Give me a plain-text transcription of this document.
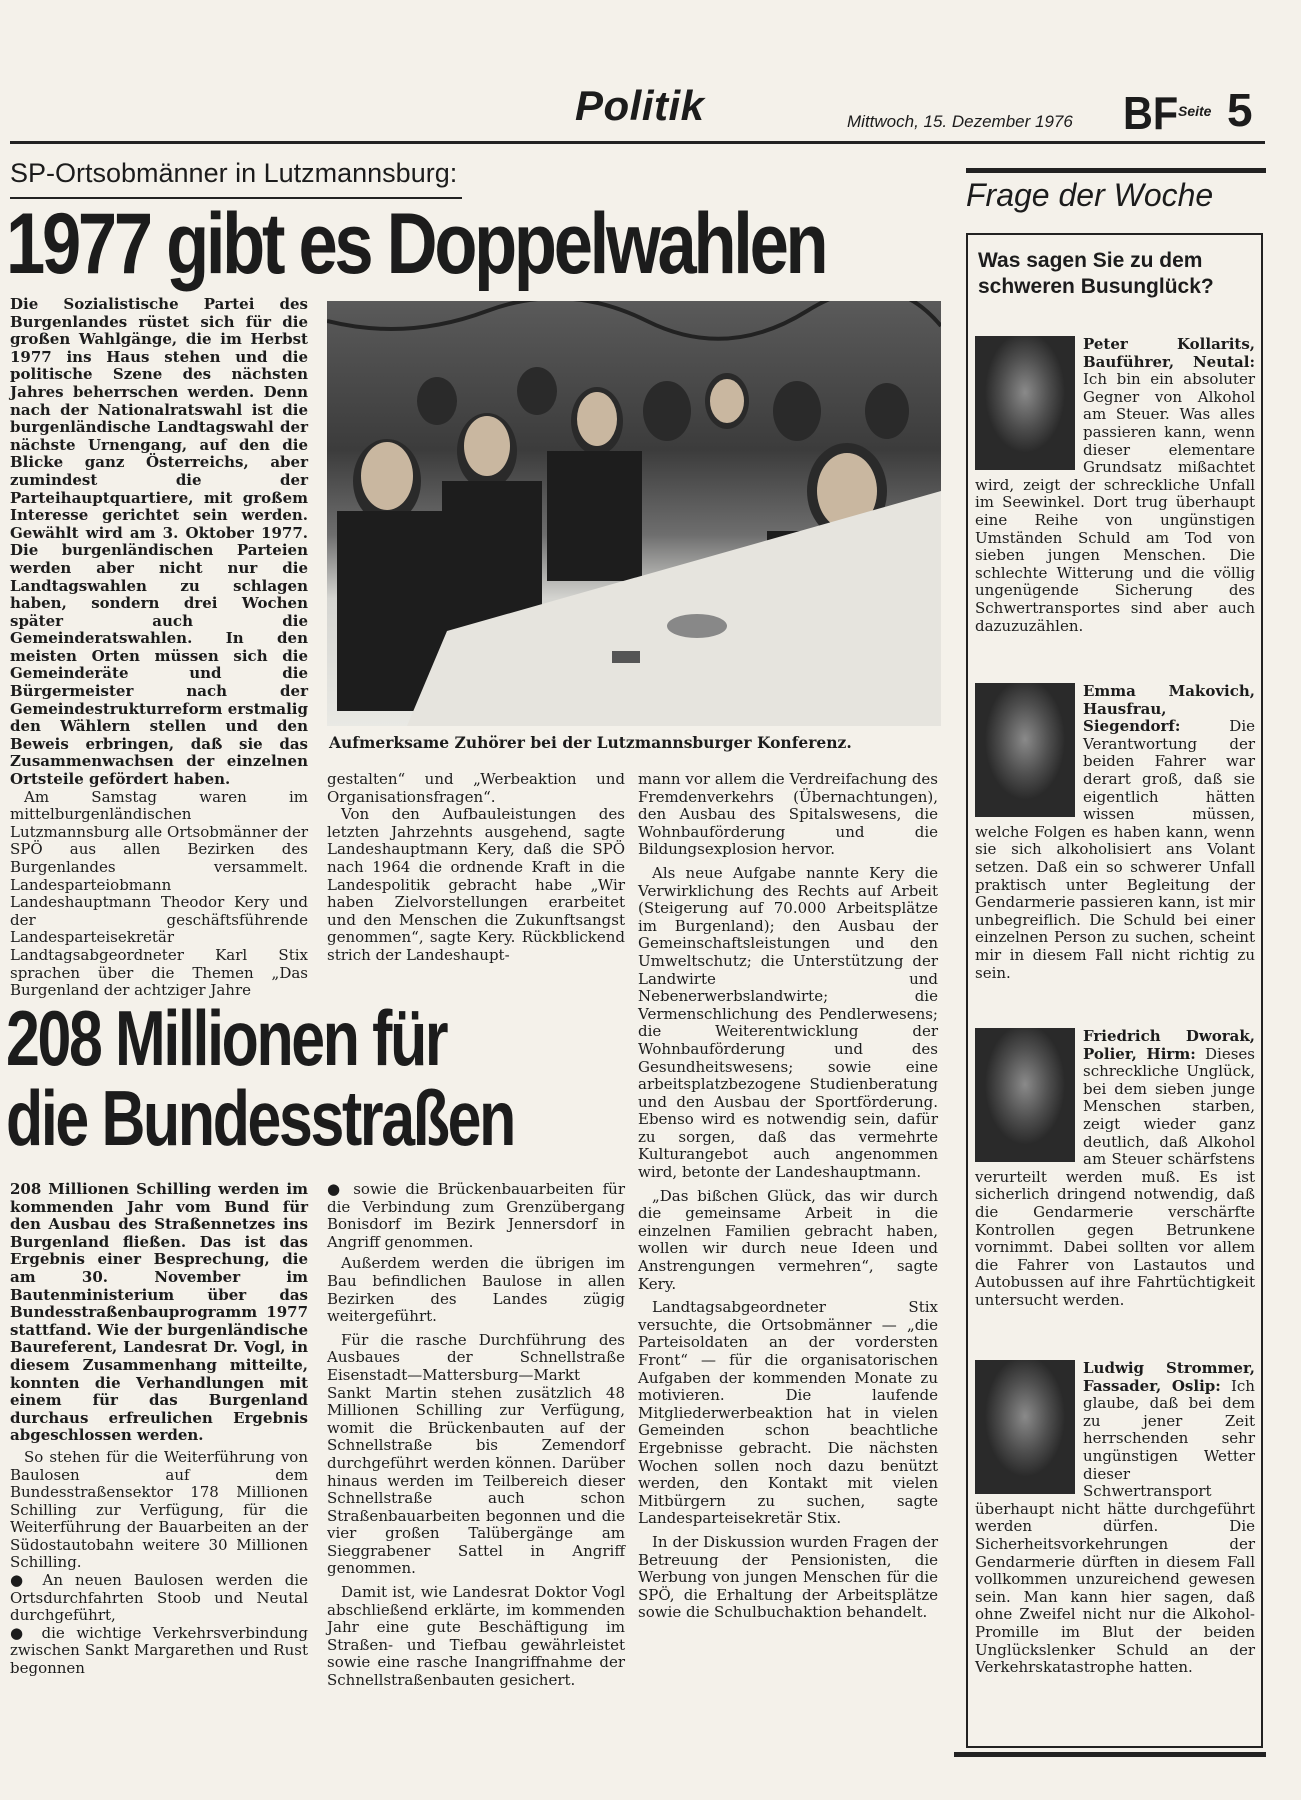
Politik	Mittwoch, 15. Dezember 1976 BF Seite 5
SP-Ortsobmänner in Lutzmannsburg:
1977 gibt es Doppelwahlen

Die Sozialistische Partei des Burgenlandes rüstet sich für die großen Wahlgänge, die im Herbst 1977 ins Haus stehen und die politische Szene des nächsten Jahres beherrschen werden. Denn nach der Nationalratswahl ist die burgenländische Landtagswahl der nächste Urnengang, auf den die Blicke ganz Österreichs, aber zumindest die der Parteihauptquartiere, mit großem Interesse gerichtet sein werden. Gewählt wird am 3. Oktober 1977. Die burgenländischen Parteien werden aber nicht nur die Landtagswahlen zu schlagen haben, sondern drei Wochen später auch die Gemeinderatswahlen. In den meisten Orten müssen sich die Gemeinderäte und die Bürgermeister nach der Gemeindestrukturreform erstmalig den Wählern stellen und den Beweis erbringen, daß sie das Zusammenwachsen der einzelnen Ortsteile gefördert haben.

Am Samstag waren im mittelburgenländischen Lutzmannsburg alle Ortsobmänner der SPÖ aus allen Bezirken des Burgenlandes versammelt. Landesparteiobmann Landeshauptmann Theodor Kery und der geschäftsführende Landesparteisekretär Landtagsabgeordneter Karl Stix sprachen über die Themen „Das Burgenland der achtziger Jahre

Aufmerksame Zuhörer bei der Lutzmannsburger Konferenz.

gestalten“ und „Werbeaktion und Organisationsfragen“.

Von den Aufbauleistungen des letzten Jahrzehnts ausgehend, sagte Landeshauptmann Kery, daß die SPÖ nach 1964 die ordnende Kraft in die Landespolitik gebracht habe „Wir haben Zielvorstellungen erarbeitet und den Menschen die Zukunftsangst genommen“, sagte Kery. Rückblickend strich der Landeshaupt-

mann vor allem die Verdreifachung des Fremdenverkehrs (Übernachtungen), den Ausbau des Spitalswesens, die Wohnbauförderung und die Bildungsexplosion hervor.

Als neue Aufgabe nannte Kery die Verwirklichung des Rechts auf Arbeit (Steigerung auf 70.000 Arbeitsplätze im Burgenland); den Ausbau der Gemeinschaftsleistungen und den Umweltschutz; die Unterstützung der Landwirte und Nebenerwerbslandwirte; die Vermenschlichung des Pendlerwesens; die Weiterentwicklung der Wohnbauförderung und des Gesundheitswesens; sowie eine arbeitsplatzbezogene Studienberatung und den Ausbau der Sportförderung. Ebenso wird es notwendig sein, dafür zu sorgen, daß das vermehrte Kulturangebot auch angenommen wird, betonte der Landeshauptmann.

„Das bißchen Glück, das wir durch die gemeinsame Arbeit in die einzelnen Familien gebracht haben, wollen wir durch neue Ideen und Anstrengungen vermehren“, sagte Kery.

Landtagsabgeordneter Stix versuchte, die Ortsobmänner — „die Parteisoldaten an der vordersten Front“ — für die organisatorischen Aufgaben der kommenden Monate zu motivieren. Die laufende Mitgliederwerbeaktion hat in vielen Gemeinden schon beachtliche Ergebnisse gebracht. Die nächsten Wochen sollen noch dazu benützt werden, den Kontakt mit vielen Mitbürgern zu suchen, sagte Landesparteisekretär Stix.

In der Diskussion wurden Fragen der Betreuung der Pensionisten, die Werbung von jungen Menschen für die SPÖ, die Erhaltung der Arbeitsplätze sowie die Schulbuchaktion behandelt.

208 Millionen für
die Bundesstraßen

208 Millionen Schilling werden im kommenden Jahr vom Bund für den Ausbau des Straßennetzes ins Burgenland fließen. Das ist das Ergebnis einer Besprechung, die am 30. November im Bautenministerium über das Bundesstraßenbauprogramm 1977 stattfand. Wie der burgenländische Baureferent, Landesrat Dr. Vogl, in diesem Zusammenhang mitteilte, konnten die Verhandlungen mit einem für das Burgenland durchaus erfreulichen Ergebnis abgeschlossen werden.

So stehen für die Weiterführung von Baulosen auf dem Bundesstraßensektor 178 Millionen Schilling zur Verfügung, für die Weiterführung der Bauarbeiten an der Südostautobahn weitere 30 Millionen Schilling.

● An neuen Baulosen werden die Ortsdurchfahrten Stoob und Neutal durchgeführt,

● die wichtige Verkehrsverbindung zwischen Sankt Margarethen und Rust begonnen

● sowie die Brückenbauarbeiten für die Verbindung zum Grenzübergang Bonisdorf im Bezirk Jennersdorf in Angriff genommen.

Außerdem werden die übrigen im Bau befindlichen Baulose in allen Bezirken des Landes zügig weitergeführt.

Für die rasche Durchführung des Ausbaues der Schnellstraße Eisenstadt—Mattersburg—Markt Sankt Martin stehen zusätzlich 48 Millionen Schilling zur Verfügung, womit die Brückenbauten auf der Schnellstraße bis Zemendorf durchgeführt werden können. Darüber hinaus werden im Teilbereich dieser Schnellstraße auch schon Straßenbauarbeiten begonnen und die vier großen Talübergänge am Sieggrabener Sattel in Angriff genommen.

Damit ist, wie Landesrat Doktor Vogl abschließend erklärte, im kommenden Jahr eine gute Beschäftigung im Straßen- und Tiefbau gewährleistet sowie eine rasche Inangriffnahme der Schnellstraßenbauten gesichert.

Frage der Woche
Was sagen Sie zu dem schweren Busunglück?
Peter Kollarits, Bauführer, Neutal: Ich bin ein absoluter Gegner von Alkohol am Steuer. Was alles passieren kann, wenn dieser elementare Grundsatz mißachtet wird, zeigt der schreckliche Unfall im Seewinkel. Dort trug überhaupt eine Reihe von ungünstigen Umständen Schuld am Tod von sieben jungen Menschen. Die schlechte Witterung und die völlig ungenügende Sicherung des Schwertransportes sind aber auch dazuzuzählen.
Emma Makovich, Hausfrau, Siegendorf:	Die Verantwortung der beiden Fahrer war derart groß, daß sie eigentlich hätten wissen müssen, welche Folgen es haben kann, wenn sie sich alkoholisiert ans Volant setzen. Daß ein so schwerer Unfall praktisch unter Begleitung der Gendarmerie passieren kann, ist mir unbegreiflich. Die Schuld bei einer einzelnen Person zu suchen, scheint mir in diesem Fall nicht richtig zu sein.
Friedrich Dworak, Polier, Hirm: Dieses schreckliche Unglück, bei dem sieben junge Menschen starben, zeigt wieder ganz deutlich, daß Alkohol am Steuer schärfstens verurteilt werden muß. Es ist sicherlich dringend notwendig, daß die Gendarmerie verschärfte Kontrollen gegen Betrunkene vornimmt. Dabei sollten vor allem die Fahrer von Lastautos und Autobussen auf ihre Fahrtüchtigkeit untersucht werden.
Ludwig Strommer, Fassader, Oslip: Ich glaube, daß bei dem zu jener Zeit herrschenden sehr ungünstigen Wetter dieser Schwertransport überhaupt nicht hätte durchgeführt werden dürfen. Die Sicherheitsvorkehrungen der Gendarmerie dürften in diesem Fall vollkommen unzureichend gewesen sein. Man kann hier sagen, daß ohne Zweifel nicht nur die Alkohol-Promille im Blut der beiden Unglückslenker Schuld an der Verkehrskatastrophe hatten.
